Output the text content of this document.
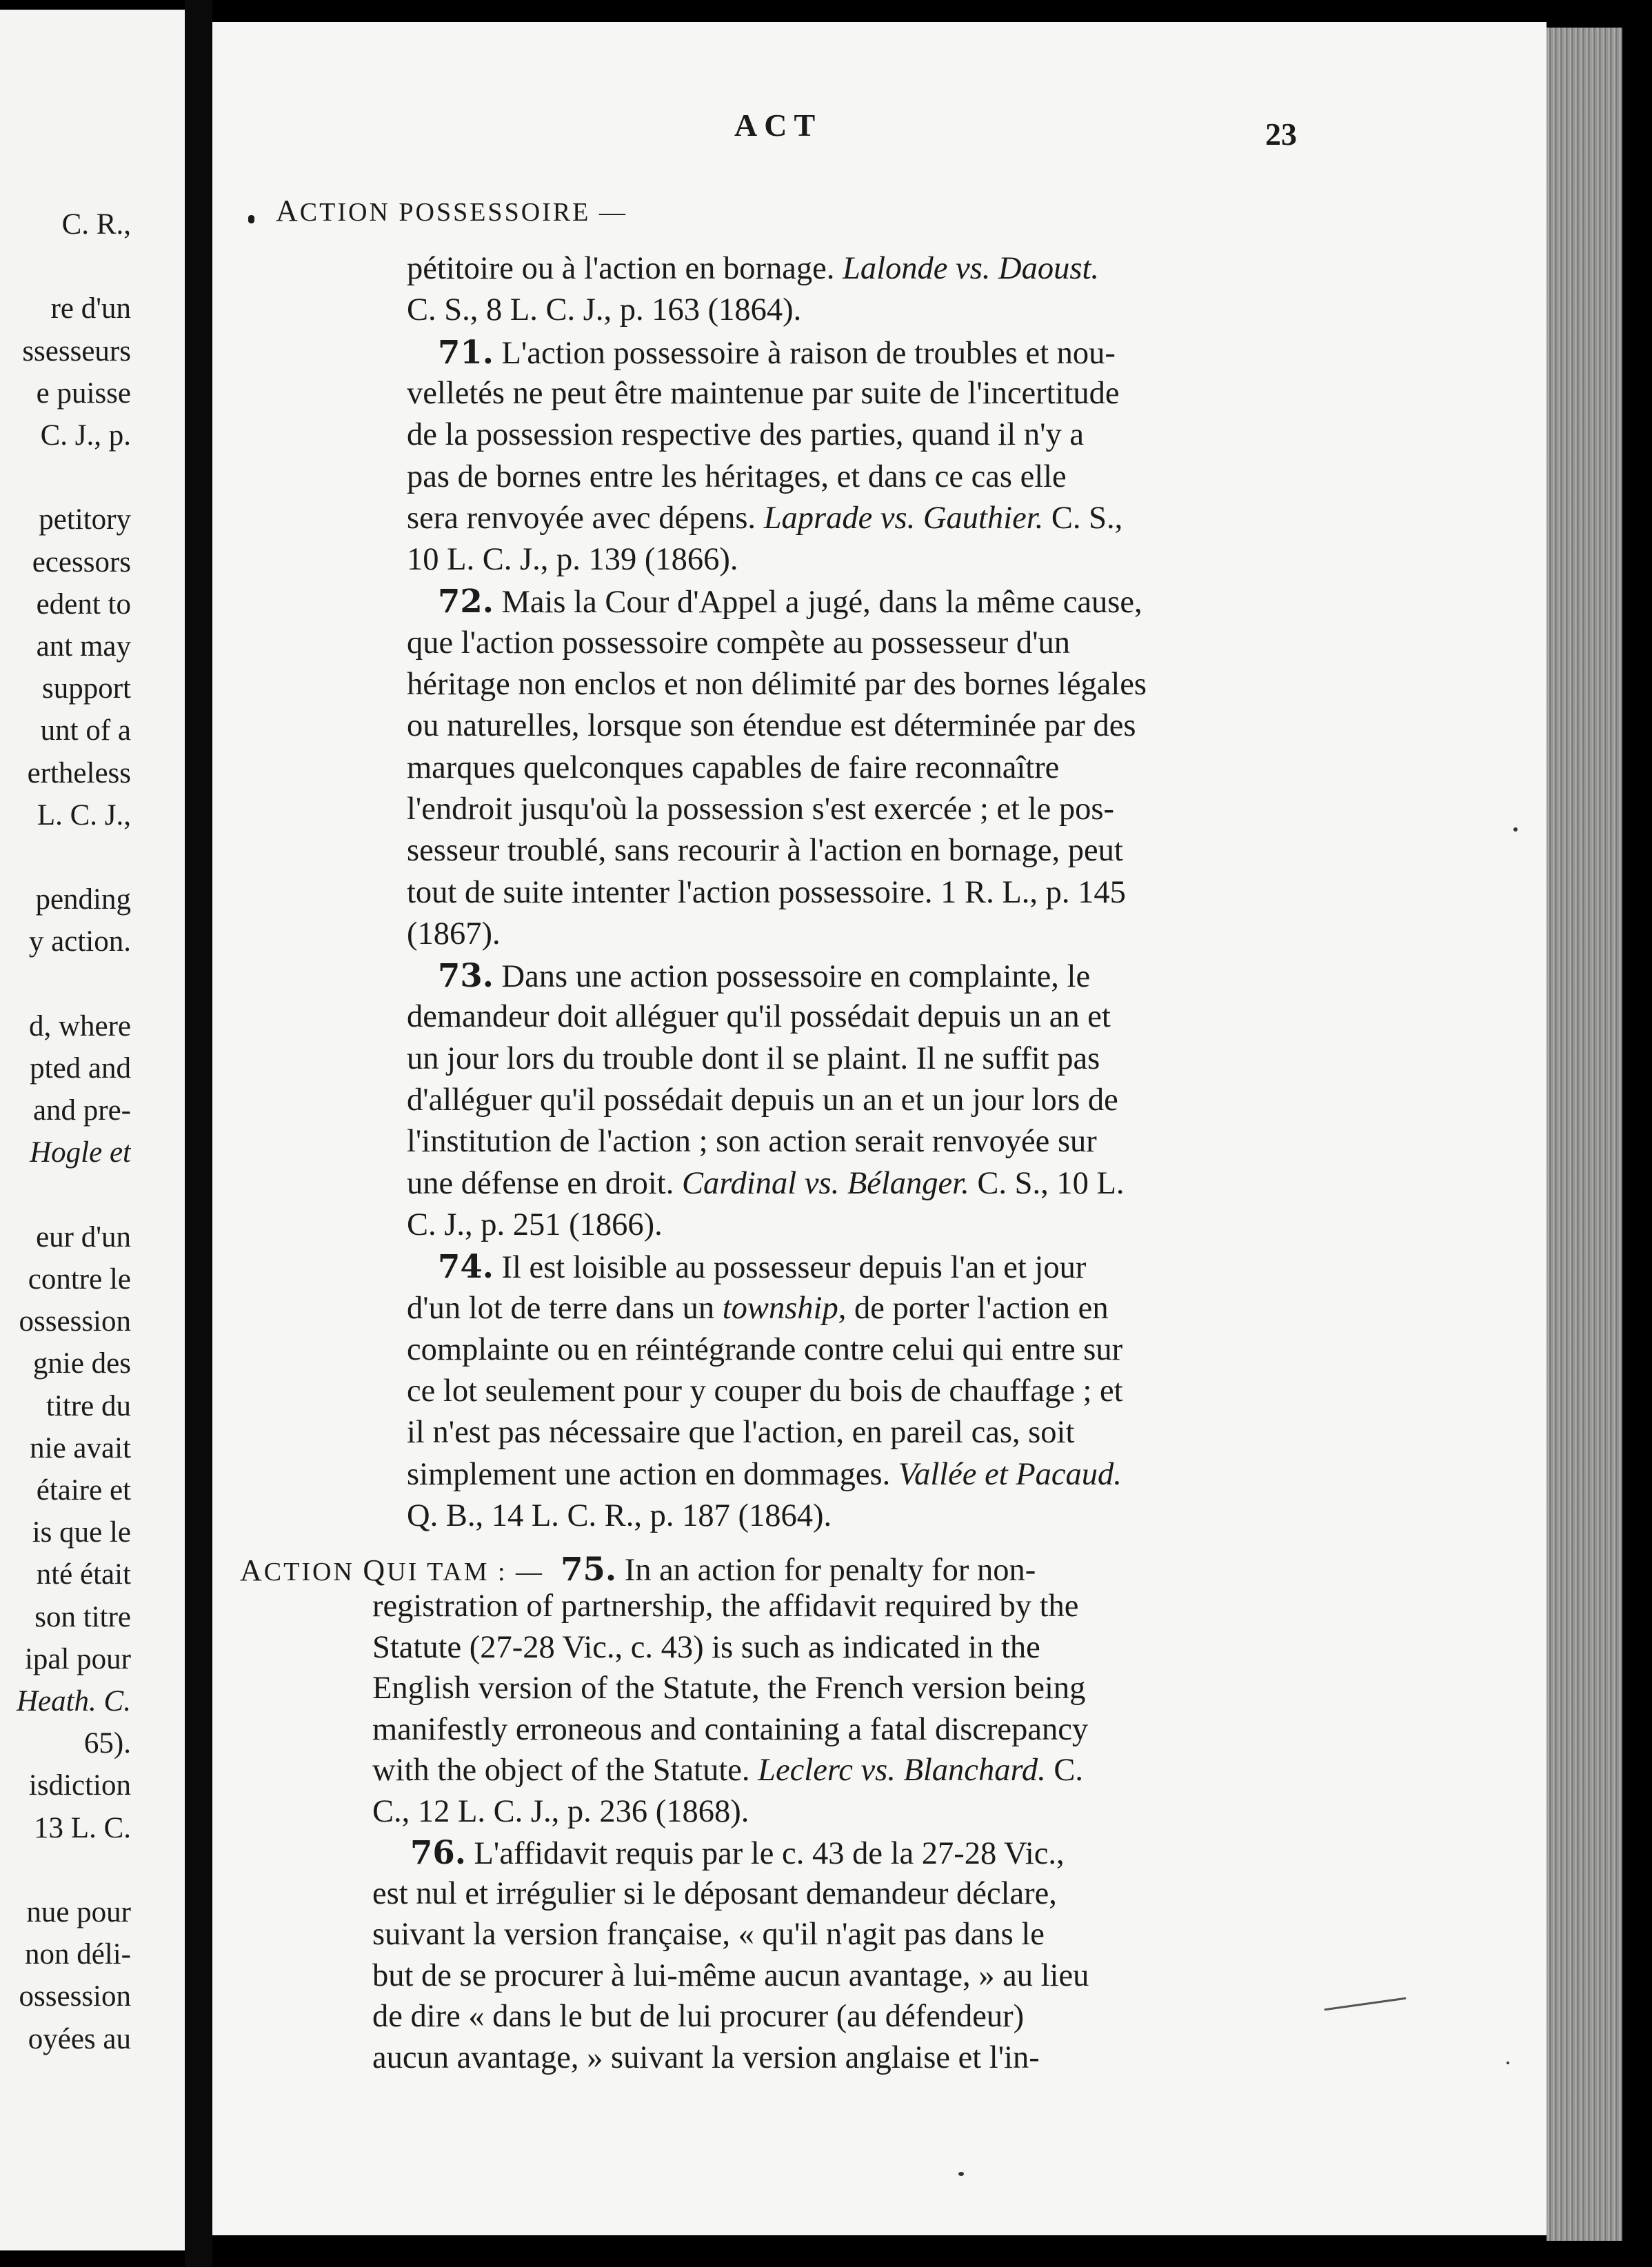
ACT	23
ACTION POSSESSOIRE —
ACTION QUI TAM : — 75. In an action for penalty for non-
C. R.,
re d'un
ssesseurs
e puisse
C. J., p.
petitory
ecessors
edent to
ant may
support
unt of a
ertheless
L. C. J.,
pending
y action.
d, where
pted and
and pre-
Hogle et
eur d'un
contre le
ossession
gnie des
titre du
nie avait
étaire et
is que le
nté était
son titre
ipal pour
Heath. C.
65).
isdiction
13 L. C.
nue pour
non déli-
ossession
oyées au
pétitoire ou à l'action en bornage. Lalonde vs. Daoust.
C. S., 8 L. C. J., p. 163 (1864).
71. L'action possessoire à raison de troubles et nou-
velletés ne peut être maintenue par suite de l'incertitude
de la possession respective des parties, quand il n'y a
pas de bornes entre les héritages, et dans ce cas elle
sera renvoyée avec dépens. Laprade vs. Gauthier. C. S.,
10 L. C. J., p. 139 (1866).
72. Mais la Cour d'Appel a jugé, dans la même cause,
que l'action possessoire compète au possesseur d'un
héritage non enclos et non délimité par des bornes légales
ou naturelles, lorsque son étendue est déterminée par des
marques quelconques capables de faire reconnaître
l'endroit jusqu'où la possession s'est exercée ; et le pos-
sesseur troublé, sans recourir à l'action en bornage, peut
tout de suite intenter l'action possessoire. 1 R. L., p. 145
(1867).
73. Dans une action possessoire en complainte, le
demandeur doit alléguer qu'il possédait depuis un an et
un jour lors du trouble dont il se plaint. Il ne suffit pas
d'alléguer qu'il possédait depuis un an et un jour lors de
l'institution de l'action ; son action serait renvoyée sur
une défense en droit. Cardinal vs. Bélanger. C. S., 10 L.
C. J., p. 251 (1866).
74. Il est loisible au possesseur depuis l'an et jour
d'un lot de terre dans un township, de porter l'action en
complainte ou en réintégrande contre celui qui entre sur
ce lot seulement pour y couper du bois de chauffage ; et
il n'est pas nécessaire que l'action, en pareil cas, soit
simplement une action en dommages. Vallée et Pacaud.
Q. B., 14 L. C. R., p. 187 (1864).
registration of partnership, the affidavit required by the
Statute (27-28 Vic., c. 43) is such as indicated in the
English version of the Statute, the French version being
manifestly erroneous and containing a fatal discrepancy
with the object of the Statute. Leclerc vs. Blanchard. C.
C., 12 L. C. J., p. 236 (1868).
76. L'affidavit requis par le c. 43 de la 27-28 Vic.,
est nul et irrégulier si le déposant demandeur déclare,
suivant la version française, « qu'il n'agit pas dans le
but de se procurer à lui-même aucun avantage, » au lieu
de dire « dans le but de lui procurer (au défendeur)
aucun avantage, » suivant la version anglaise et l'in-
